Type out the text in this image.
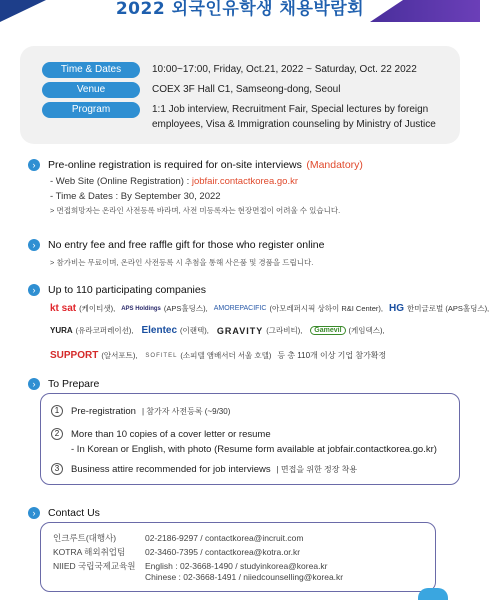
2022 외국인유학생 채용박람회
Time & Dates	10:00~17:00, Friday, Oct.21, 2022 ~ Saturday, Oct. 22 2022
Venue	COEX 3F Hall C1, Samseong-dong, Seoul
Program	1:1 Job interview, Recruitment Fair, Special lectures by foreign employees, Visa & Immigration counseling by Ministry of Justice
› Pre-online registration is required for on-site interviews (Mandatory)
- Web Site (Online Registration) : jobfair.contactkorea.go.kr
- Time & Dates : By September 30, 2022
> 면접희망자는 온라인 사전등록 바라며, 사전 미등록자는 현장면접이 어려울 수 있습니다.
› No entry fee and free raffle gift for those who register online
> 참가비는 무료이며, 온라인 사전등록 시 추첨을 통해 사은품 및 경품을 드립니다.
› Up to 110 participating companies
kt sat (케이티샛), APS Holdings (APS홀딩스), AMOREPACIFIC (아모레퍼시픽 상하이 R&I Center), HG 한미글로벌 (APS홀딩스),
YURA (유라코퍼레이션), Elentec (이랜텍), GRAVITY (그라비티),	Gamevil (게임덱스),
SUPPORT (알서포트), SOFITEL (소피텔 앰배서더 서울 호텔) 등 총 110개 이상 기업 참가확정
› To Prepare
1	Pre-registration | 참가자 사전등록 (~9/30)
2	More than 10 copies of a cover letter or resume
- In Korean or English, with photo (Resume form available at jobfair.contactkorea.go.kr)
3	Business attire recommended for job interviews | 면접을 위한 정장 착용
› Contact Us
인크루트(대행사)	02-2186-9297 / contactkorea@incruit.com
KOTRA 해외취업팀	02-3460-7395 / contactkorea@kotra.or.kr
NIIED 국립국제교육원	English : 02-3668-1490 / studyinkorea@korea.kr
Chinese : 02-3668-1491 / niiedcounselling@korea.kr
